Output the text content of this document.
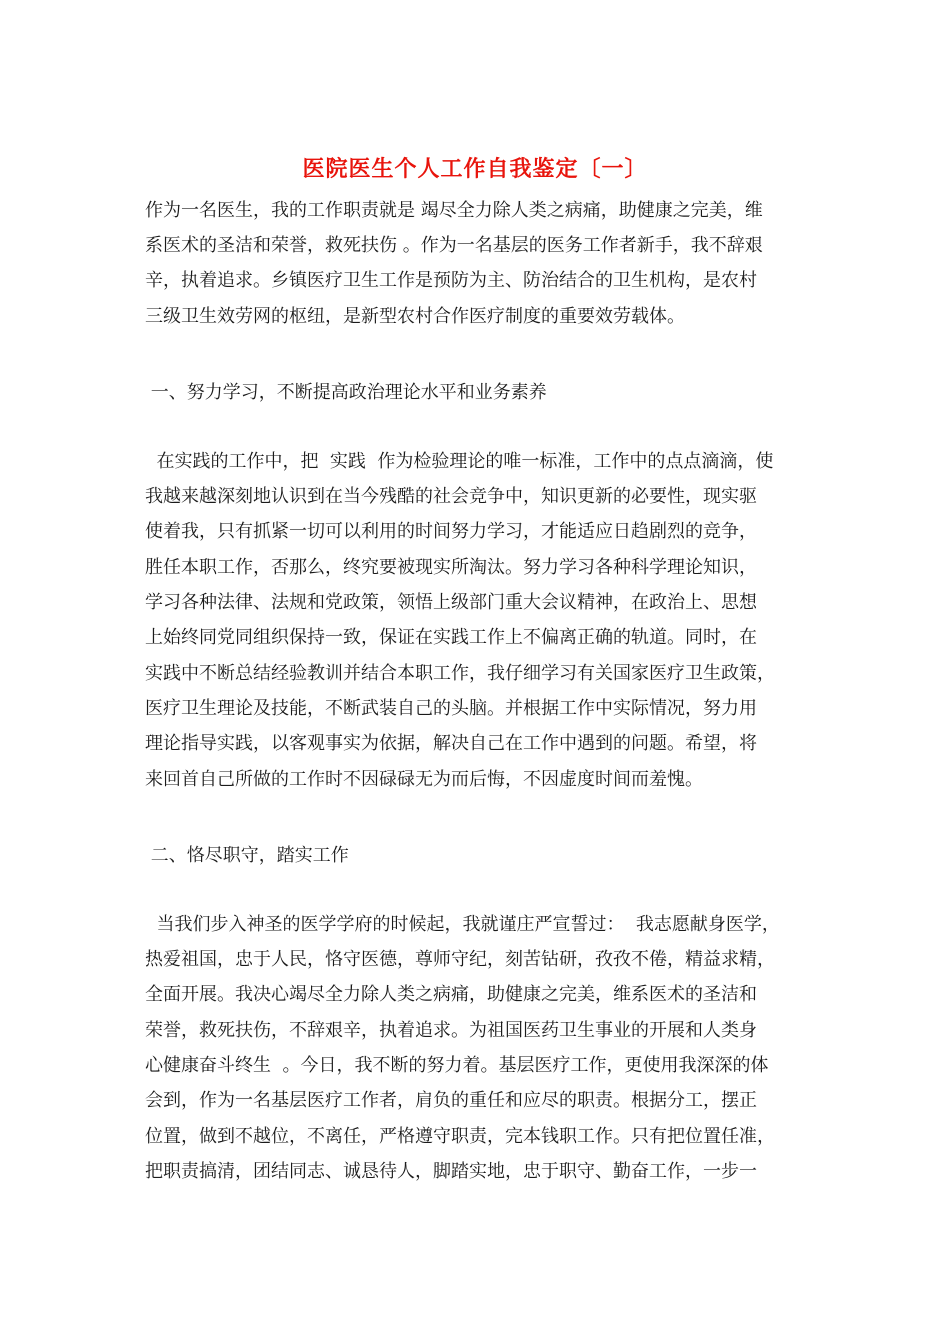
医院医生个人工作自我鉴定〔一〕
作为一名医生，我的工作职责就是 竭尽全力除人类之病痛，助健康之完美，维
系医术的圣洁和荣誉，救死扶伤 。作为一名基层的医务工作者新手，我不辞艰
辛，执着追求。乡镇医疗卫生工作是预防为主、防治结合的卫生机构，是农村
三级卫生效劳网的枢纽，是新型农村合作医疗制度的重要效劳载体。
一、努力学习，不断提高政治理论水平和业务素养
在实践的工作中，把  实践  作为检验理论的唯一标准，工作中的点点滴滴，使
我越来越深刻地认识到在当今残酷的社会竞争中，知识更新的必要性，现实驱
使着我，只有抓紧一切可以利用的时间努力学习，才能适应日趋剧烈的竞争，
胜任本职工作，否那么，终究要被现实所淘汰。努力学习各种科学理论知识，
学习各种法律、法规和党政策，领悟上级部门重大会议精神，在政治上、思想
上始终同党同组织保持一致，保证在实践工作上不偏离正确的轨道。同时，在
实践中不断总结经验教训并结合本职工作，我仔细学习有关国家医疗卫生政策，
医疗卫生理论及技能，不断武装自己的头脑。并根据工作中实际情况，努力用
理论指导实践，以客观事实为依据，解决自己在工作中遇到的问题。希望，将
来回首自己所做的工作时不因碌碌无为而后悔，不因虚度时间而羞愧。
二、恪尽职守，踏实工作
当我们步入神圣的医学学府的时候起，我就谨庄严宣誓过：  我志愿献身医学，
热爱祖国，忠于人民，恪守医德，尊师守纪，刻苦钻研，孜孜不倦，精益求精，
全面开展。我决心竭尽全力除人类之病痛，助健康之完美，维系医术的圣洁和
荣誉，救死扶伤，不辞艰辛，执着追求。为祖国医药卫生事业的开展和人类身
心健康奋斗终生  。今日，我不断的努力着。基层医疗工作，更使用我深深的体
会到，作为一名基层医疗工作者，肩负的重任和应尽的职责。根据分工，摆正
位置，做到不越位，不离任，严格遵守职责，完本钱职工作。只有把位置任准，
把职责搞清，团结同志、诚恳待人，脚踏实地，忠于职守、勤奋工作，一步一
